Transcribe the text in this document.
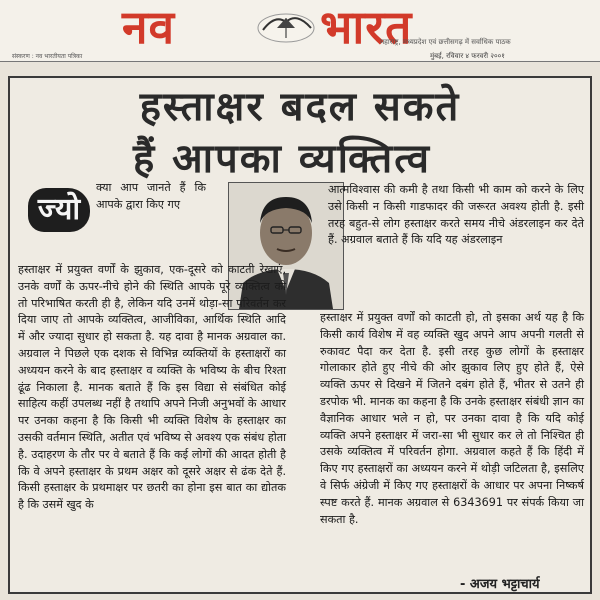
नव	भारत
महाराष्ट्र, मध्यप्रदेश एवं छत्तीसगढ़ में सर्वाधिक पाठक
संस्करण : नव भारतीयता पत्रिका	मुंबई, रविवार ४ फरवरी २००१
हस्ताक्षर बदल सकते
हैं आपका व्यक्तित्व
ज्यो
क्या आप जानते हैं कि आपके द्वारा किए गए
हस्ताक्षर में प्रयुक्त वर्णों के झुकाव, एक-दूसरे को काटती रेखाएं, उनके वर्णों के ऊपर-नीचे होने की स्थिति आपके पूरे व्यक्तित्व को तो परिभाषित करती ही है, लेकिन यदि उनमें थोड़ा-सा परिवर्तन कर दिया जाए तो आपके व्यक्तित्व, आजीविका, आर्थिक स्थिति आदि में और ज्यादा सुधार हो सकता है. यह दावा है मानक अग्रवाल का. अग्रवाल ने पिछले एक दशक से विभिन्न व्यक्तियों के हस्ताक्षरों का अध्ययन करने के बाद हस्ताक्षर व व्यक्ति के भविष्य के बीच रिश्ता ढूंढ निकाला है. मानक बताते हैं कि इस विद्या से संबंधित कोई साहित्य कहीं उपलब्ध नहीं है तथापि अपने निजी अनुभवों के आधार पर उनका कहना है कि किसी भी व्यक्ति विशेष के हस्ताक्षर का उसकी वर्तमान स्थिति, अतीत एवं भविष्य से अवश्य एक संबंध होता है. उदाहरण के तौर पर वे बताते हैं कि कई लोगों की आदत होती है कि वे अपने हस्ताक्षर के प्रथम अक्षर को दूसरे अक्षर से ढंक देते हैं. किसी हस्ताक्षर के प्रथमाक्षर पर छतरी का होना इस बात का द्योतक है कि उसमें खुद के
आत्मविश्वास की कमी है तथा किसी भी काम को करने के लिए उसे किसी न किसी गाडफादर की जरूरत अवश्य होती है. इसी तरह बहुत-से लोग हस्ताक्षर करते समय नीचे अंडरलाइन कर देते हैं. अग्रवाल बताते हैं कि यदि यह अंडरलाइन
हस्ताक्षर में प्रयुक्त वर्णों को काटती हो, तो इसका अर्थ यह है कि किसी कार्य विशेष में वह व्यक्ति खुद अपने आप अपनी गलती से रुकावट पैदा कर देता है. इसी तरह कुछ लोगों के हस्ताक्षर गोलाकार होते हुए नीचे की ओर झुकाव लिए हुए होते हैं, ऐसे व्यक्ति ऊपर से दिखने में जितने दबंग होते हैं, भीतर से उतने ही डरपोक भी. मानक का कहना है कि उनके हस्ताक्षर संबंधी ज्ञान का वैज्ञानिक आधार भले न हो, पर उनका दावा है कि यदि कोई व्यक्ति अपने हस्ताक्षर में जरा-सा भी सुधार कर ले तो निश्चित ही उसके व्यक्तित्व में परिवर्तन होगा. अग्रवाल कहते हैं कि हिंदी में किए गए हस्ताक्षरों का अध्ययन करने में थोड़ी जटिलता है, इसलिए वे सिर्फ अंग्रेजी में किए गए हस्ताक्षरों के आधार पर अपना निष्कर्ष स्पष्ट करते हैं. मानक अग्रवाल से 6343691 पर संपर्क किया जा सकता है.
- अजय भट्टाचार्य
